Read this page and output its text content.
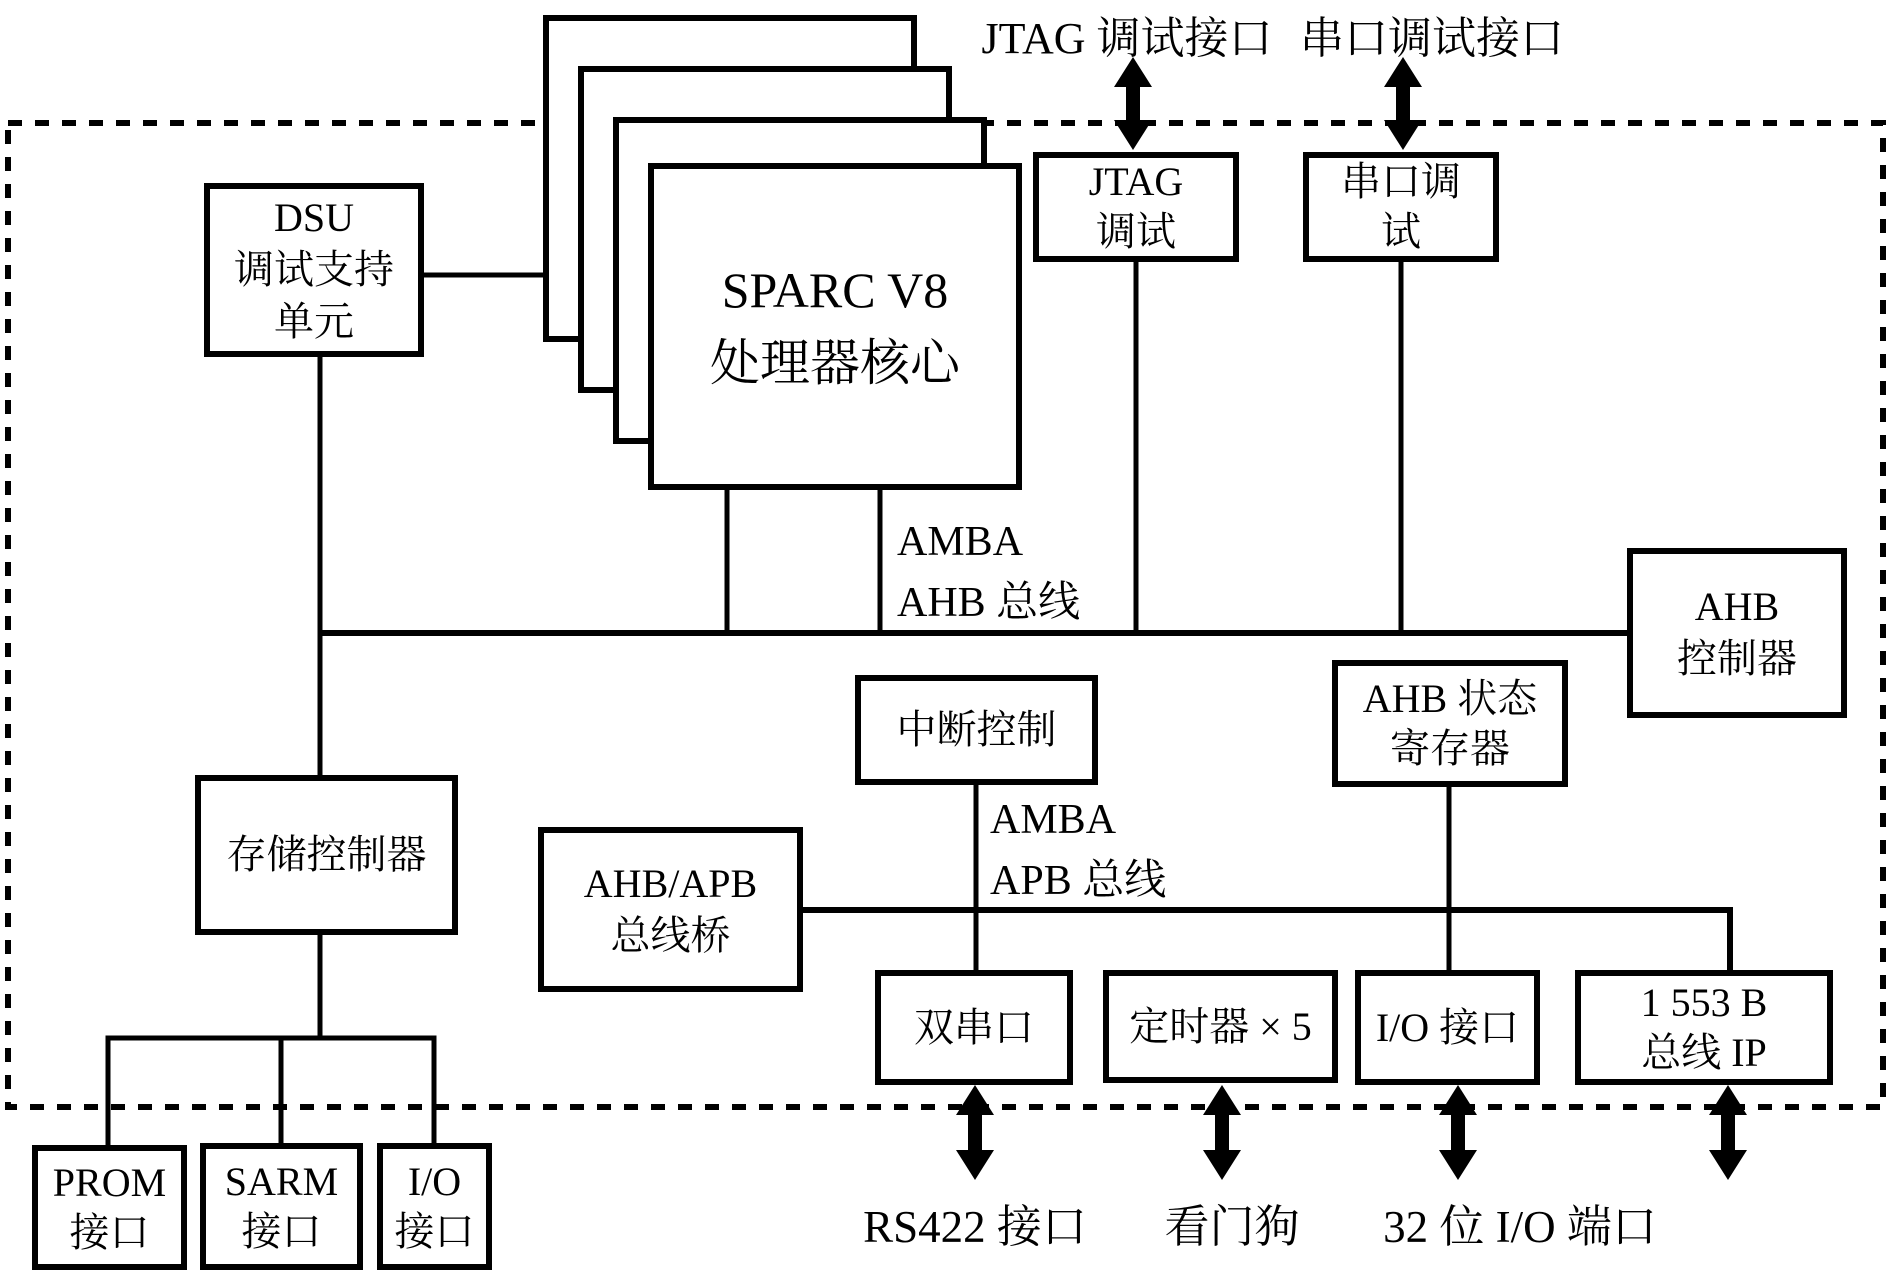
JTAG 调试接口 串口调试接口
SPARC V8
处理器核心
DSU
调试支持
单元
JTAG
调试
串口调
试
AHB
控制器
AHB 状态
寄存器
中断控制
存储控制器
AHB/APB
总线桥
双串口 定时器 × 5 I/O 接口
1 553 B
总线 IP
PROM
接口
SARM
接口
I/O
接口
AMBA
AHB 总线
AMBA
APB 总线
RS422 接口 看门狗 32 位 I/O 端口
